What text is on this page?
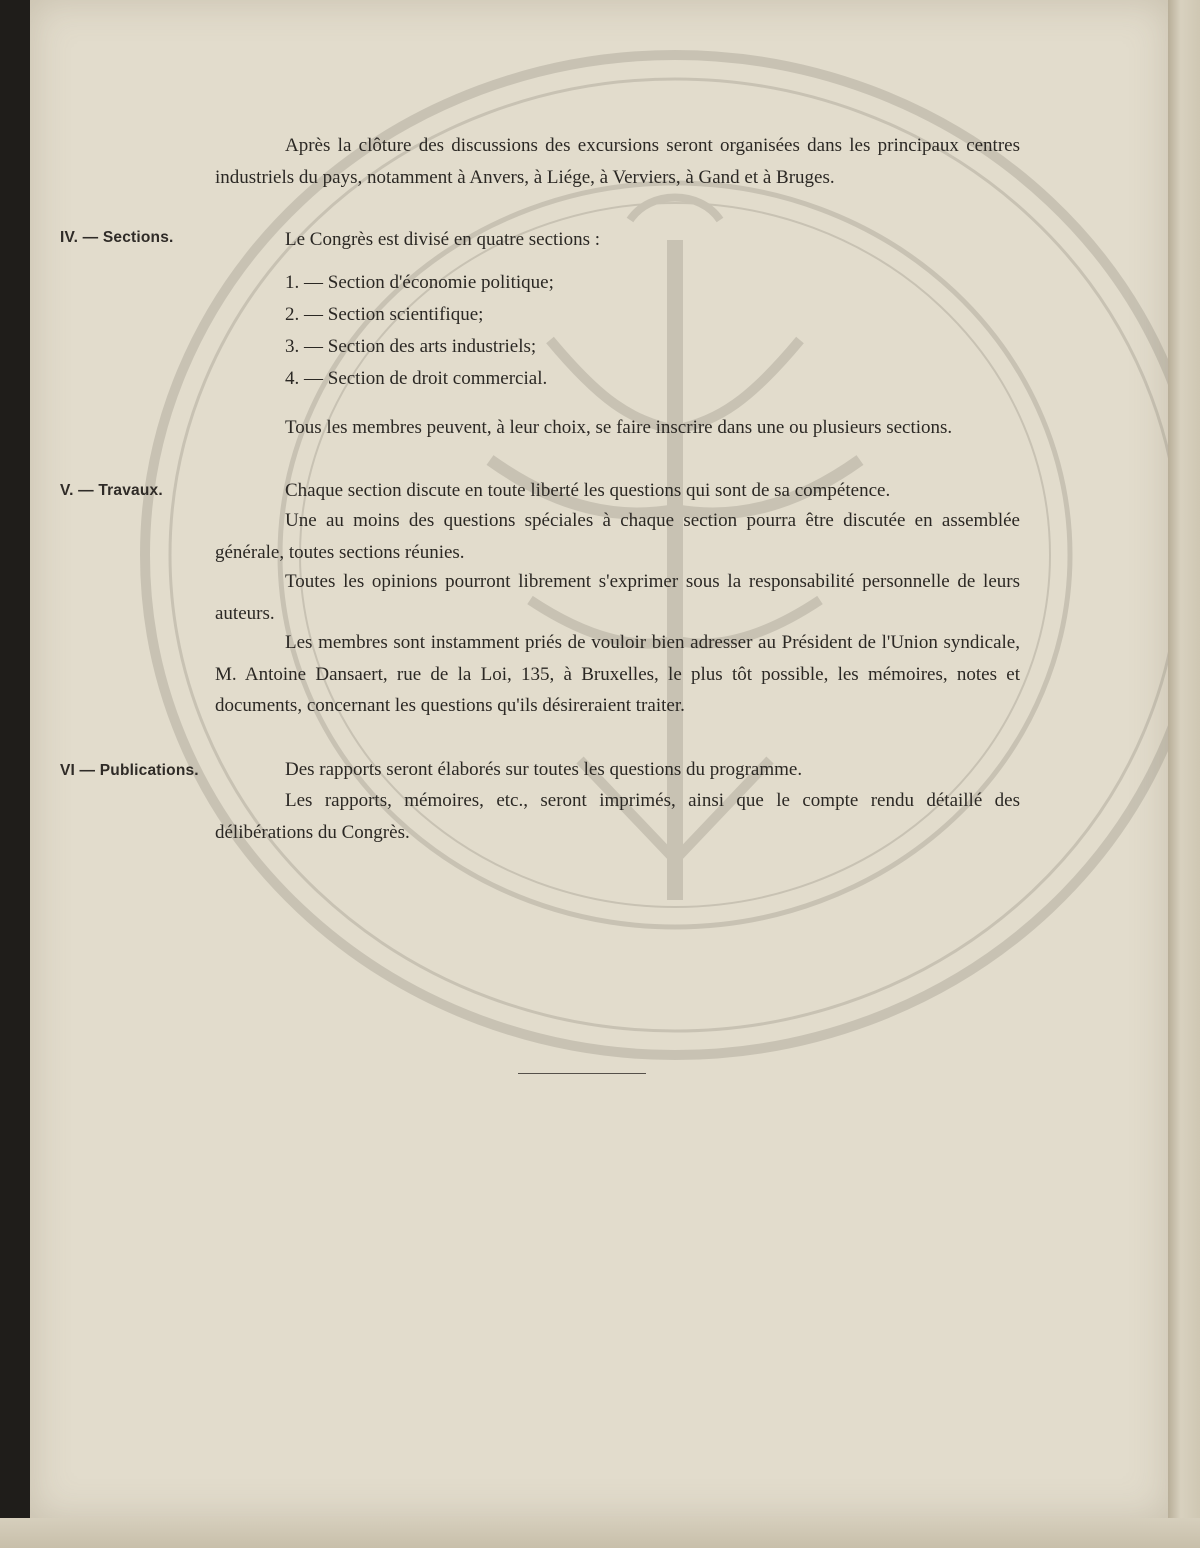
Après la clôture des discussions des excursions seront organisées dans les principaux centres industriels du pays, notamment à Anvers, à Liége, à Verviers, à Gand et à Bruges.

IV. — Sections.	Le Congrès est divisé en quatre sections :

1. — Section d'économie politique;
2. — Section scientifique;
3. — Section des arts industriels;
4. — Section de droit commercial.

Tous les membres peuvent, à leur choix, se faire inscrire dans une ou plusieurs sections.

V. — Travaux.	Chaque section discute en toute liberté les questions qui sont de sa compétence.

Une au moins des questions spéciales à chaque section pourra être discutée en assemblée générale, toutes sections réunies.

Toutes les opinions pourront librement s'exprimer sous la responsabilité personnelle de leurs auteurs.

Les membres sont instamment priés de vouloir bien adresser au Président de l'Union syndicale, M. Antoine Dansaert, rue de la Loi, 135, à Bruxelles, le plus tôt possible, les mémoires, notes et documents, concernant les questions qu'ils désireraient traiter.

VI — Publications.	Des rapports seront élaborés sur toutes les questions du programme.

Les rapports, mémoires, etc., seront imprimés, ainsi que le compte rendu détaillé des délibérations du Congrès.
